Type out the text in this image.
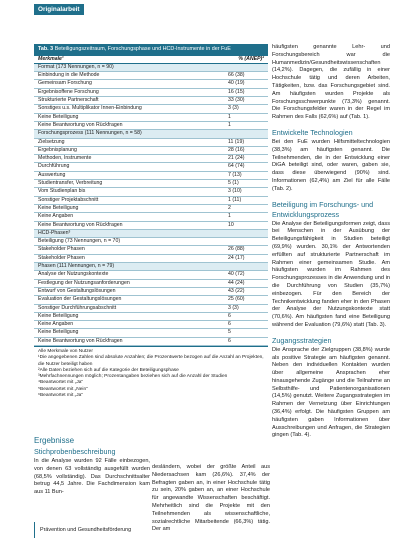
Originalarbeit
Tab. 3 Beteiligungszeitraum, Forschungsphase und HCD-Instrumente in der FuE
Merkmale¹	% (ANEP)²
Format (173 Nennungen, n = 90)
Einbindung in die Methode	66 (38)
Gemeinsam Forschung	40 (19)
Ergebnisoffene Forschung	16 (15)
Strukturierte Partnerschaft	33 (30)
Sonstiges u.s. Multiplikator Innen-Einbindung	3 (3)
Keine Beteiligung	1
Keine Beantwortung von Rückfragen	1
Forschungsprozess (111 Nennungen, n = 58)
Zielsetzung	11 (19)
Ergebnisplanung	28 (16)
Methoden, Instrumente	21 (24)
Durchführung	64 (74)
Auswertung	7 (13)
Studientransfer, Verbreitung	5 (1)
Vom Studienplan bis	3 (10)
Sonstiger Projektabschnitt	1 (11)
Keine Beteiligung	2
Keine Angaben	1
Keine Beantwortung von Rückfragen	10
HCD-Phasen³
Beteiligung (73 Nennungen, n = 70)
Stakeholder Phasen	26 (88)
Stakeholder Phasen	24 (17)
Phasen (111 Nennungen, n = 79)
Analyse der Nutzungskontexte	40 (72)
Festlegung der Nutzungsanforderungen	44 (24)
Entwurf von Gestaltungslösungen	43 (22)
Evaluation der Gestaltungslösungen	25 (60)
Sonstiger Durchführungsabschnitt	3 (3)
Keine Beteiligung	6
Keine Angaben	6
Keine Beteiligung	5
Keine Beantwortung von Rückfragen	6
Alle Merkmale von Nutzer
¹Die angegebenen Zahlen sind absolute Anzahlen; die Prozentwerte bezogen auf die Anzahl an Projekten, die Nutzer beteiligt haben
²Alle Daten beziehen sich auf die Kategorie der Beteiligungsphase
³Mehrfachnennungen möglich; Prozentangaben beziehen sich auf die Anzahl der Studien
⁴Beantwortet mit „Ja“
⁵Beantwortet mit „Nein“
⁶Beantwortet mit „Ja“
Ergebnisse
Stichprobenbeschreibung

In die Analyse wurden 92 Fälle einbezogen, von denen 63 vollständig ausgefüllt wurden (68,5% vollständig). Das Durchschnittsalter betrug 44,5 Jahre. Die Fachdimension kam aus 11 Bun-

desländern, wobei der größte Anteil aus Niedersachsen kam (26,6%). 37,4% der Befragten gaben an, in einer Hochschule tätig zu sein, 20% gaben an, an einer Hochschule für angewandte Wissenschaften beschäftigt. Mehrheitlich sind die Projekte mit den Teilnehmenden als wissenschaftliche, sozialrechtliche Mitarbeitende (66,3%) tätig. Der am

häufigsten genannte Lehr- und Forschungsbereich war die Humanmedizin/Gesundheitswissenschaften (14,2%). Dagegen, die zufällig in einer Hochschule tätig und deren Arbeiten, Tätigkeiten, bzw. das Forschungsgebiet sind. Am häufigsten wurden Projekte als Forschungsschwerpunkte (73,3%) genannt. Die Forschungsfelder waren in der Regel im Rahmen des Falls (62,6%) auf (Tab. 1).

Entwickelte Technologien

Bei den FuE wurden Hilfsmitteltechnologien (38,3%) am häufigsten genannt. Die Teilnehmenden, die in der Entwicklung einer DiGA beteiligt sind, oder waren, gaben sie, dass diese überwiegend (90%) sind. Informationen (62,4%) am Ziel für alle Fälle (Tab. 2).

Beteiligung im Forschungs- und Entwicklungsprozess

Die Analyse der Beteiligungsformen zeigt, dass bei Menschen in der Ausübung der Beteiligungsfähigkeit in Studien beteiligt (69,9%) wurden. 30,1% der Antwortenden erfüllten auf strukturierte Partnerschaft im Rahmen einer gemeinsamen Studie. Am häufigsten wurden im Rahmen des Forschungsprozesses in die Anwendung und in die Durchführung von Studien (35,7%) einbezogen. Für den Bereich der Technikentwicklung fanden eher in den Phasen der Analyse der Nutzungskontexte statt (70,6%). Am häufigsten fand eine Beteiligung während der Evaluation (79,6%) statt (Tab. 3).

Zugangsstrategien

Die Ansprache der Zielgruppen (38,8%) wurde als positive Strategie am häufigsten genannt. Neben den individuellen Kontakten wurden über allgemeine Ansprachen eher hinausgehende Zugänge und die Teilnahme an Selbsthilfe- und Patientenorganisationen (14,5%) genutzt. Weitere Zugangsstrategien im Rahmen der Vernetzung über Einrichtungen (36,4%) erfolgt. Die häufigsten Gruppen am häufigsten gaben Informationen über Ausschreibungen und Anfragen, die Strategien gingen (Tab. 4).

Prävention und Gesundheitsförderung
